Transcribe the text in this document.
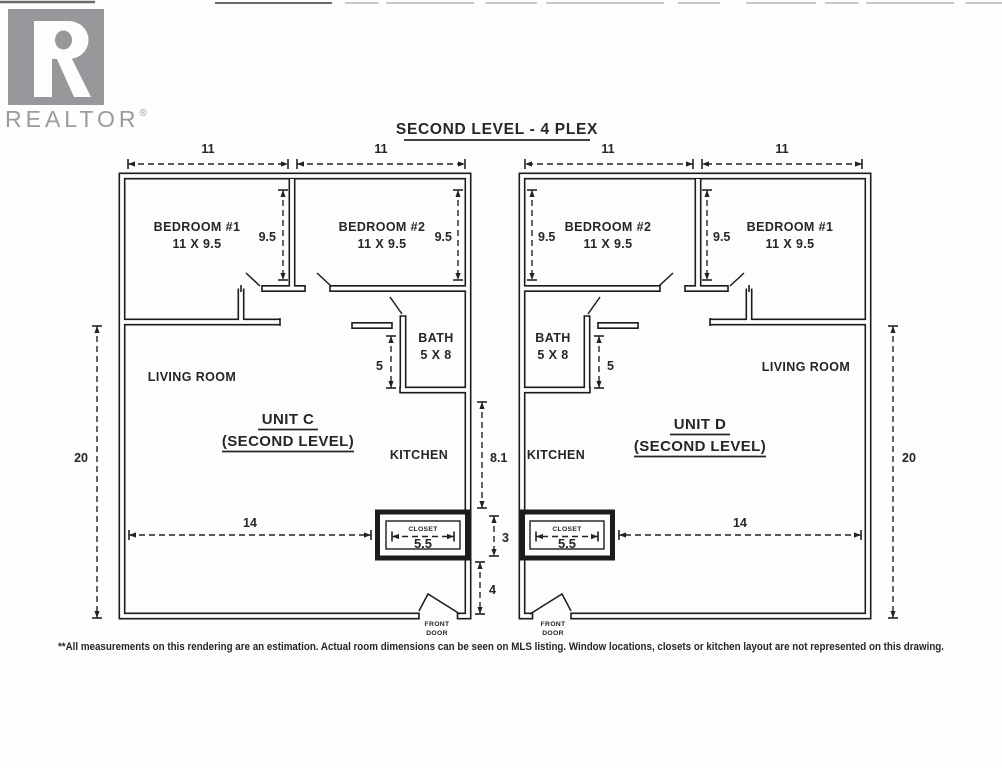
REALTOR®
SECOND LEVEL - 4 PLEX
11	11
BEDROOM #1
11 X 9.5
BEDROOM #2
11 X 9.5
9.5	9.5
20
LIVING ROOM
BATH
5 X 8
5
UNIT C
(SECOND LEVEL)
KITCHEN
14	CLOSET
5.5
FRONT
DOOR
11	11
BEDROOM #2
11 X 9.5
BEDROOM #1
11 X 9.5
9.5	9.5
20
LIVING ROOM
BATH
5 X 8
5
UNIT D
(SECOND LEVEL)
KITCHEN
14
CLOSET
5.5
FRONT
DOOR
8.1
3
4
**All measurements on this rendering are an estimation. Actual room dimensions can be seen on MLS listing. Window locations, closets or kitchen layout are not represented on this drawing.
